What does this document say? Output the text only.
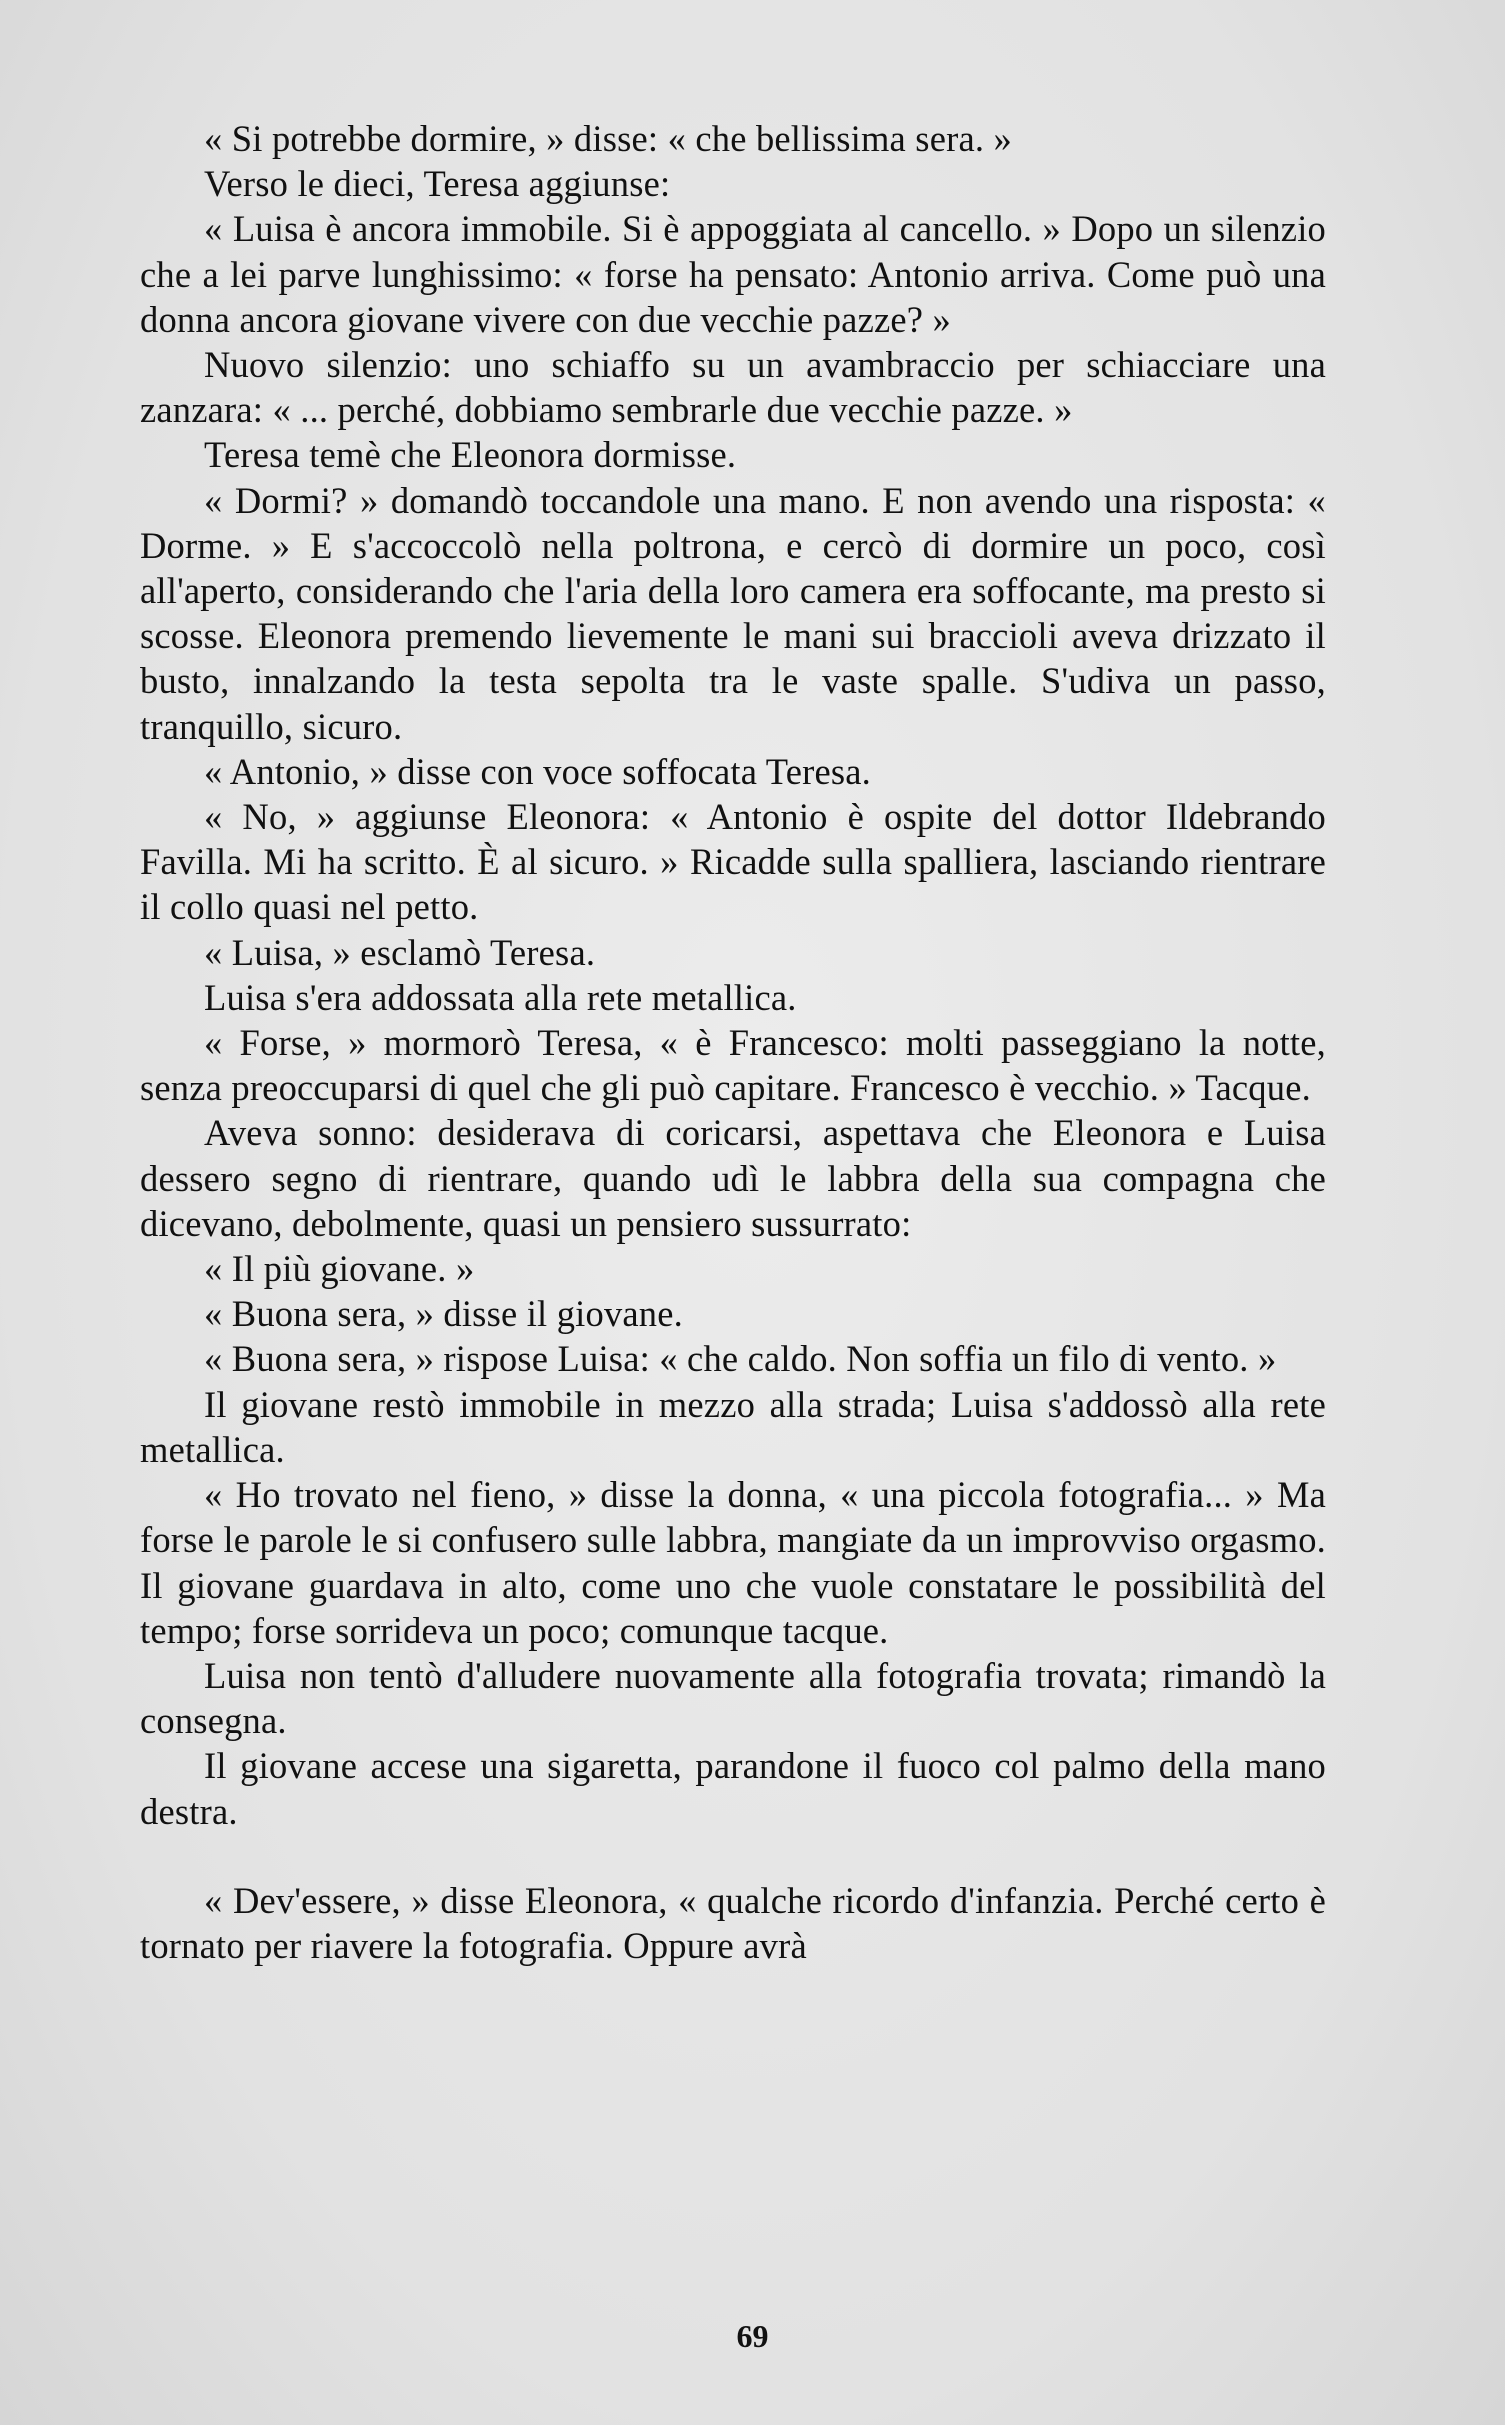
« Si potrebbe dormire, » disse: « che bellissima sera. »

Verso le dieci, Teresa aggiunse:

« Luisa è ancora immobile. Si è appoggiata al cancello. » Dopo un silenzio che a lei parve lunghissimo: « forse ha pensato: Antonio arriva. Come può una donna ancora giovane vivere con due vecchie pazze? »

Nuovo silenzio: uno schiaffo su un avambraccio per schiacciare una zanzara: « ... perché, dobbiamo sembrarle due vecchie pazze. »

Teresa temè che Eleonora dormisse.

« Dormi? » domandò toccandole una mano. E non avendo una risposta: « Dorme. » E s'accoccolò nella poltrona, e cercò di dormire un poco, così all'aperto, considerando che l'aria della loro camera era soffocante, ma presto si scosse. Eleonora premendo lievemente le mani sui braccioli aveva drizzato il busto, innalzando la testa sepolta tra le vaste spalle. S'udiva un passo, tranquillo, sicuro.

« Antonio, » disse con voce soffocata Teresa.

« No, » aggiunse Eleonora: « Antonio è ospite del dottor Ildebrando Favilla. Mi ha scritto. È al sicuro. » Ricadde sulla spalliera, lasciando rientrare il collo quasi nel petto.

« Luisa, » esclamò Teresa.

Luisa s'era addossata alla rete metallica.

« Forse, » mormorò Teresa, « è Francesco: molti passeggiano la notte, senza preoccuparsi di quel che gli può capitare. Francesco è vecchio. » Tacque.

Aveva sonno: desiderava di coricarsi, aspettava che Eleonora e Luisa dessero segno di rientrare, quando udì le labbra della sua compagna che dicevano, debolmente, quasi un pensiero sussurrato:

« Il più giovane. »

« Buona sera, » disse il giovane.

« Buona sera, » rispose Luisa: « che caldo. Non soffia un filo di vento. »

Il giovane restò immobile in mezzo alla strada; Luisa s'addossò alla rete metallica.

« Ho trovato nel fieno, » disse la donna, « una piccola fotografia... » Ma forse le parole le si confusero sulle labbra, mangiate da un improvviso orgasmo. Il giovane guardava in alto, come uno che vuole constatare le possibilità del tempo; forse sorrideva un poco; comunque tacque.

Luisa non tentò d'alludere nuovamente alla fotografia trovata; rimandò la consegna.

Il giovane accese una sigaretta, parandone il fuoco col palmo della mano destra.

« Dev'essere, » disse Eleonora, « qualche ricordo d'infanzia. Perché certo è tornato per riavere la fotografia. Oppure avrà

69
